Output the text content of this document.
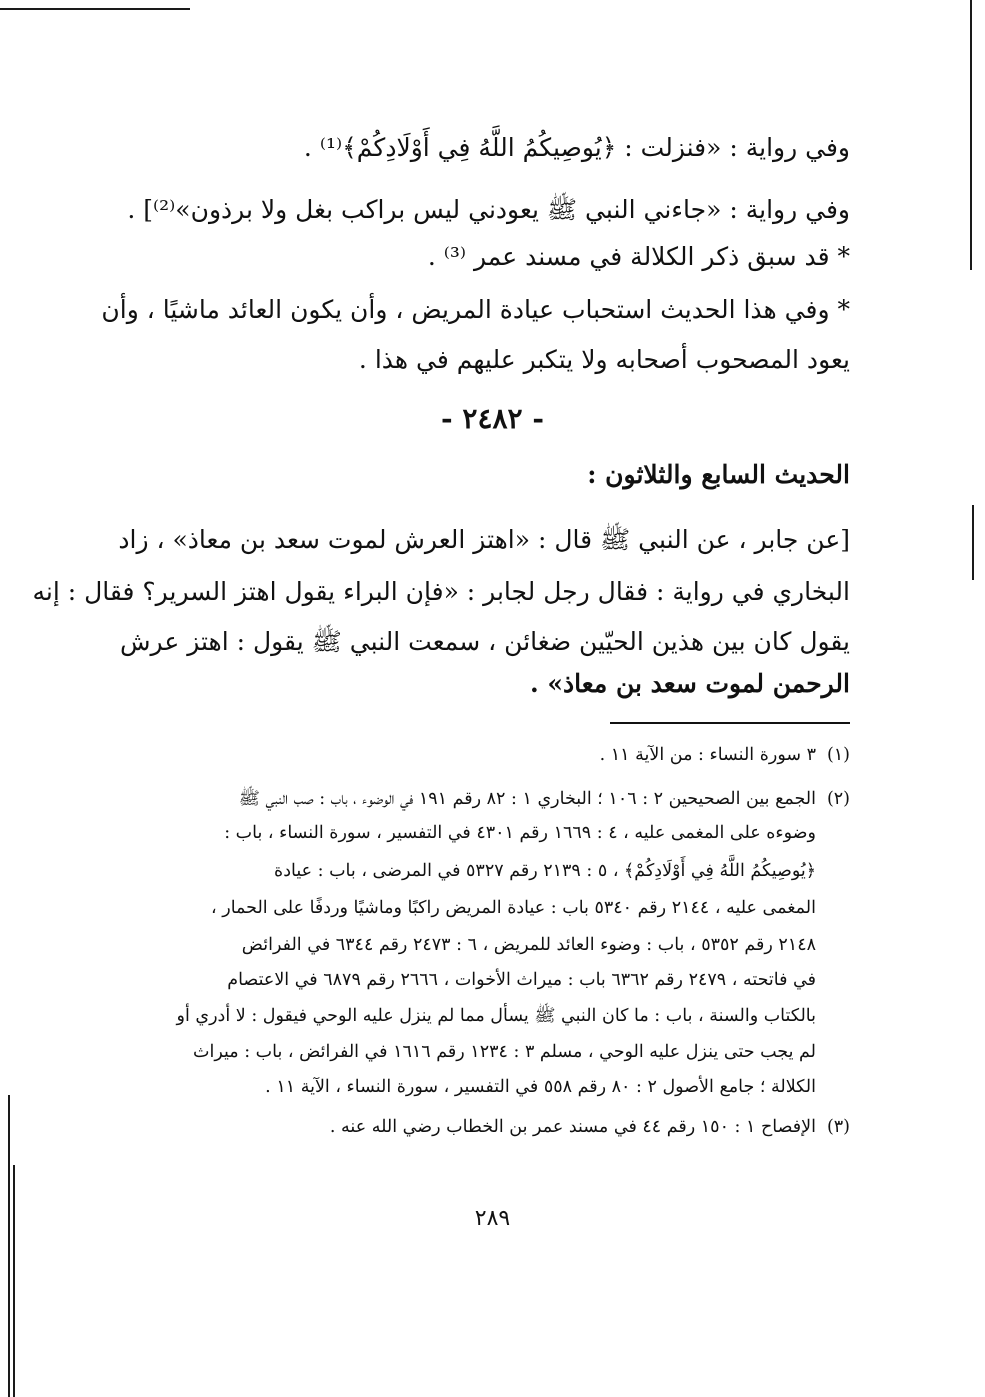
وفي رواية : «فنزلت : ﴿يُوصِيكُمُ اللَّهُ فِي أَوْلَادِكُمْ﴾⁽¹⁾ .
وفي رواية : «جاءني النبي ﷺ يعودني ليس براكب بغل ولا برذون»⁽²⁾] .
* قد سبق ذكر الكلالة في مسند عمر ⁽³⁾ .
* وفي هذا الحديث استحباب عيادة المريض ، وأن يكون العائد ماشيًا ، وأن
يعود المصحوب أصحابه ولا يتكبر عليهم في هذا .
- ٢٤٨٢ -
الحديث السابع والثلاثون :
[عن جابر ، عن النبي ﷺ قال : «اهتز العرش لموت سعد بن معاذ» ، زاد
البخاري في رواية : فقال رجل لجابر : «فإن البراء يقول اهتز السرير؟ فقال : إنه
يقول كان بين هذين الحيّين ضغائن ، سمعت النبي ﷺ يقول : اهتز عرش
الرحمن لموت سعد بن معاذ» .
(١)٣ سورة النساء : من الآية ١١ .
(٢)الجمع بين الصحيحين ٢ : ١٠٦ ؛ البخاري ١ : ٨٢ رقم ١٩١ في الوضوء ، باب : صب النبي ﷺ
وضوءه على المغمى عليه ، ٤ : ١٦٦٩ رقم ٤٣٠١ في التفسير ، سورة النساء ، باب :
﴿يُوصِيكُمُ اللَّهُ فِي أَوْلَادِكُمْ﴾ ، ٥ : ٢١٣٩ رقم ٥٣٢٧ في المرضى ، باب : عيادة
المغمى عليه ، ٢١٤٤ رقم ٥٣٤٠ باب : عيادة المريض راكبًا وماشيًا وردفًا على الحمار ،
٢١٤٨ رقم ٥٣٥٢ ، باب : وضوء العائد للمريض ، ٦ : ٢٤٧٣ رقم ٦٣٤٤ في الفرائض
في فاتحته ، ٢٤٧٩ رقم ٦٣٦٢ باب : ميراث الأخوات ، ٢٦٦٦ رقم ٦٨٧٩ في الاعتصام
بالكتاب والسنة ، باب : ما كان النبي ﷺ يسأل مما لم ينزل عليه الوحي فيقول : لا أدري أو
لم يجب حتى ينزل عليه الوحي ، مسلم ٣ : ١٢٣٤ رقم ١٦١٦ في الفرائض ، باب : ميراث
الكلالة ؛ جامع الأصول ٢ : ٨٠ رقم ٥٥٨ في التفسير ، سورة النساء ، الآية ١١ .
(٣)الإفصاح ١ : ١٥٠ رقم ٤٤ في مسند عمر بن الخطاب رضي الله عنه .
٢٨٩
